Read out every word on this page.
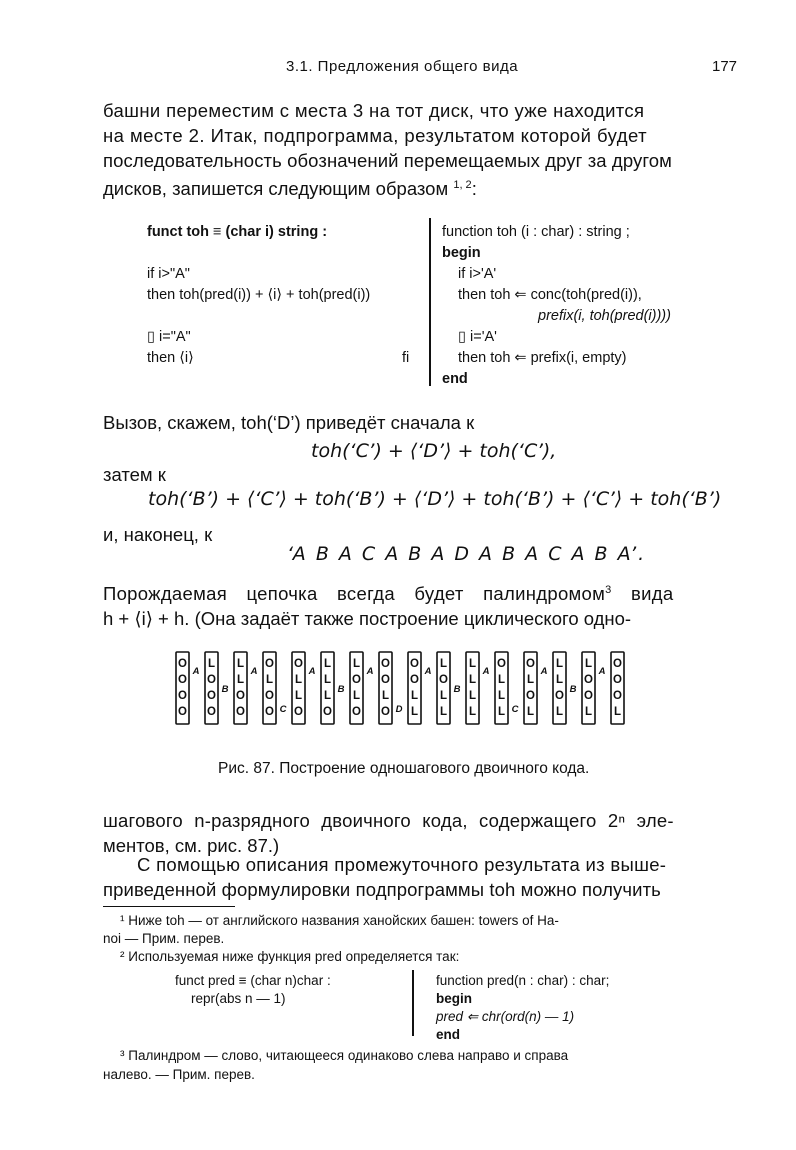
3.1. Предложения общего вида	177
башни переместим с места 3 на тот диск, что уже находится
на месте 2. Итак, подпрограмма, результатом которой будет
последовательность обозначений перемещаемых друг за другом
дисков, запишется следующим образом $^{1, 2}$:
funct toh ≡ (char i) string :

if i>"A"
then toh(pred(i)) + ⟨i⟩ + toh(pred(i))

▯ i="A"
then ⟨i⟩	fi
function toh (i : char) : string ;
begin
if i>'A'
then toh ⇐ conc(toh(pred(i)),
prefix(i, toh(pred(i))))
▯ i='A'
then toh ⇐ prefix(i, empty)
end
Вызов, скажем, toh(‘D’) приведёт сначала к
toh(‘C’) + ⟨‘D’⟩ + toh(‘C’),
затем к
toh(‘B’) + ⟨‘C’⟩ + toh(‘B’) + ⟨‘D’⟩ + toh(‘B’) + ⟨‘C’⟩ + toh(‘B’)
и, наконец, к
‘A B A C A B A D A B A C A B A’.
Порождаемая цепочка всегда будет палиндромом$^3$ вида
h + ⟨i⟩ + h. (Она задаёт также построение циклического одно-
O
O
O
O
A
L
O
O
O
B
L
L
O
O
A
O
L
O
O C
O
L
L
O
A
L
L
L
O
B
L
O
L
O
A
O
O
L
O D
O
O
L
L
A
L
O
L
L
B
L
L
L
L
A
O
L
L
L C
O
L
O
L
A
L
L
O
L
B
L
O
O
L
A
O
O
O
L
Рис. 87. Построение одношагового двоичного кода.
шагового n-разрядного двоичного кода, содержащего 2ⁿ эле-
ментов, см. рис. 87.)
С помощью описания промежуточного результата из выше-
приведенной формулировки подпрограммы toh можно получить
¹ Ниже toh — от английского названия ханойских башен: towers of Ha-
noi — Прим. перев.
² Используемая ниже функция pred определяется так:
funct pred ≡ (char n)char :
repr(abs n — 1)
function pred(n : char) : char;
begin
pred ⇐ chr(ord(n) — 1)
end
³ Палиндром — слово, читающееся одинаково слева направо и справа
налево. — Прим. перев.
